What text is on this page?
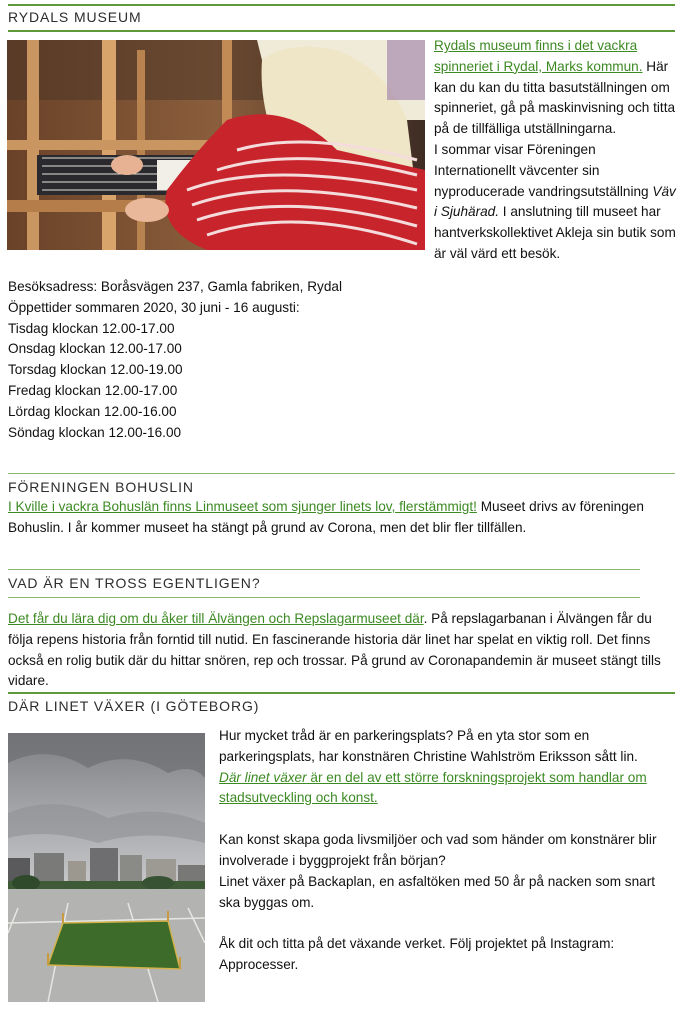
RYDALS MUSEUM

Rydals museum finns i det vackra spinneriet i Rydal, Marks kommun. Här kan du kan du titta basutställningen om spinneriet, gå på maskinvisning och titta på de tillfälliga utställningarna.

I sommar visar Föreningen Internationellt vävcenter sin nyproducerade vandringsutställning Väv i Sjuhärad. I anslutning till museet har hantverkskollektivet Akleja sin butik som är väl värd ett besök.

Besöksadress: Boråsvägen 237, Gamla fabriken, Rydal
Öppettider sommaren 2020, 30 juni - 16 augusti:
Tisdag klockan 12.00-17.00
Onsdag klockan 12.00-17.00
Torsdag klockan 12.00-19.00
Fredag klockan 12.00-17.00
Lördag klockan 12.00-16.00
Söndag klockan 12.00-16.00
FÖRENINGEN BOHUSLIN

I Kville i vackra Bohuslän finns Linmuseet som sjunger linets lov, flerstämmigt! Museet drivs av föreningen Bohuslin. I år kommer museet ha stängt på grund av Corona, men det blir fler tillfällen.

VAD ÄR EN TROSS EGENTLIGEN?

Det får du lära dig om du åker till Älvängen och Repslagarmuseet där. På repslagarbanan i Älvängen får du följa repens historia från forntid till nutid. En fascinerande historia där linet har spelat en viktig roll. Det finns också en rolig butik där du hittar snören, rep och trossar. På grund av Coronapandemin är museet stängt tills vidare.

DÄR LINET VÄXER (I GÖTEBORG)

Hur mycket tråd är en parkeringsplats? På en yta stor som en parkeringsplats, har konstnären Christine Wahlström Eriksson sått lin.

Där linet växer är en del av ett större forskningsprojekt som handlar om stadsutveckling och konst.

Kan konst skapa goda livsmiljöer och vad som händer om konstnärer blir involverade i byggprojekt från början?

Linet växer på Backaplan, en asfaltöken med 50 år på nacken som snart ska byggas om.

Åk dit och titta på det växande verket. Följ projektet på Instagram: Approcesser.
